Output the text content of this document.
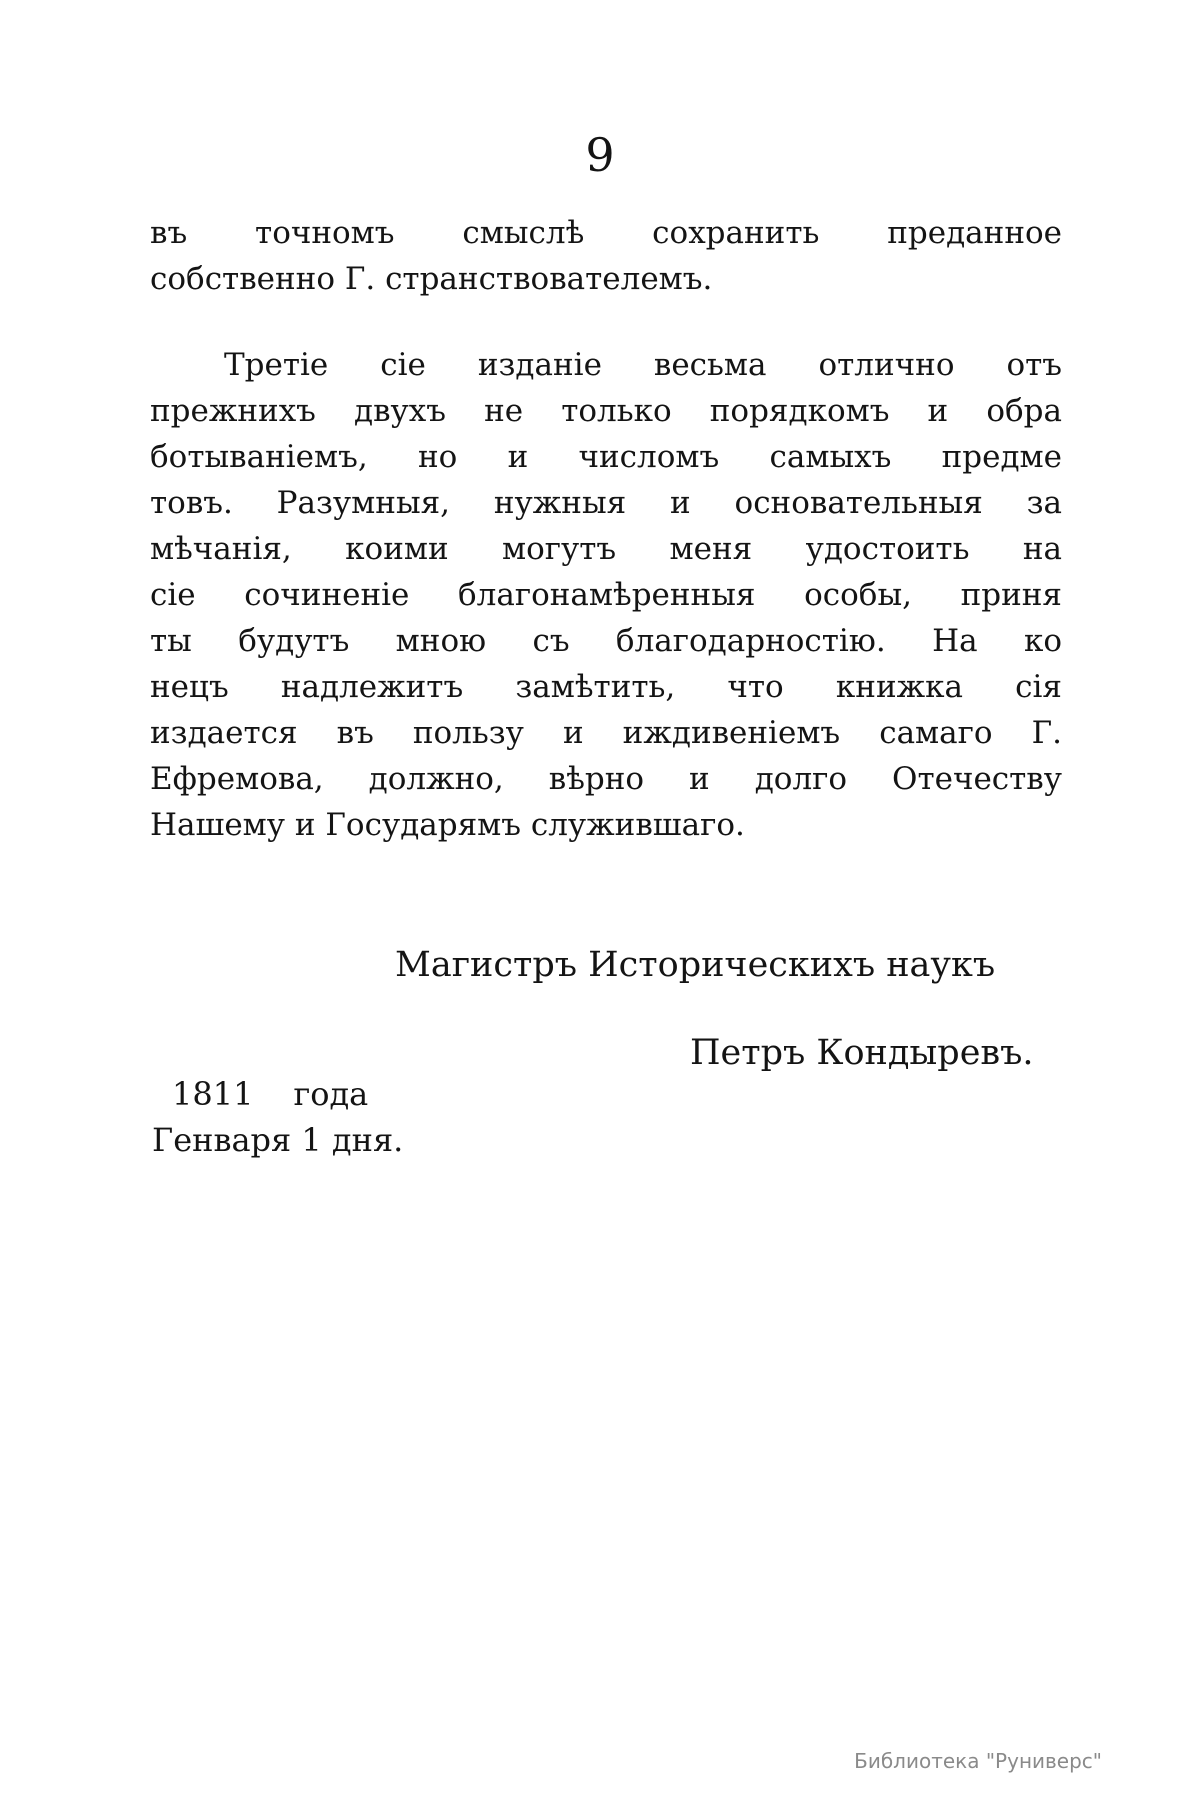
9
въ точномъ смыслѣ сохранить преданное
собственно Г. странствователемъ.
Третіе сіе изданіе весьма отлично отъ
прежнихъ двухъ не только порядкомъ и обра
ботываніемъ, но и числомъ самыхъ предме
товъ. Разумныя, нужныя и основательныя за
мѣчанія, коими могутъ меня удостоить на
сіе сочиненіе благонамѣренныя особы, приня
ты будутъ мною съ благодарностію. На ко
нецъ надлежитъ замѣтить, что книжка сія
издается въ пользу и иждивеніемъ самаго Г.
Ефремова, должно, вѣрно и долго Отечеству
Нашему и Государямъ служившаго.
Магистръ Историческихъ наукъ
Петръ Кондыревъ.
1811 года
Генваря 1 дня.
Библиотека "Руниверс"
